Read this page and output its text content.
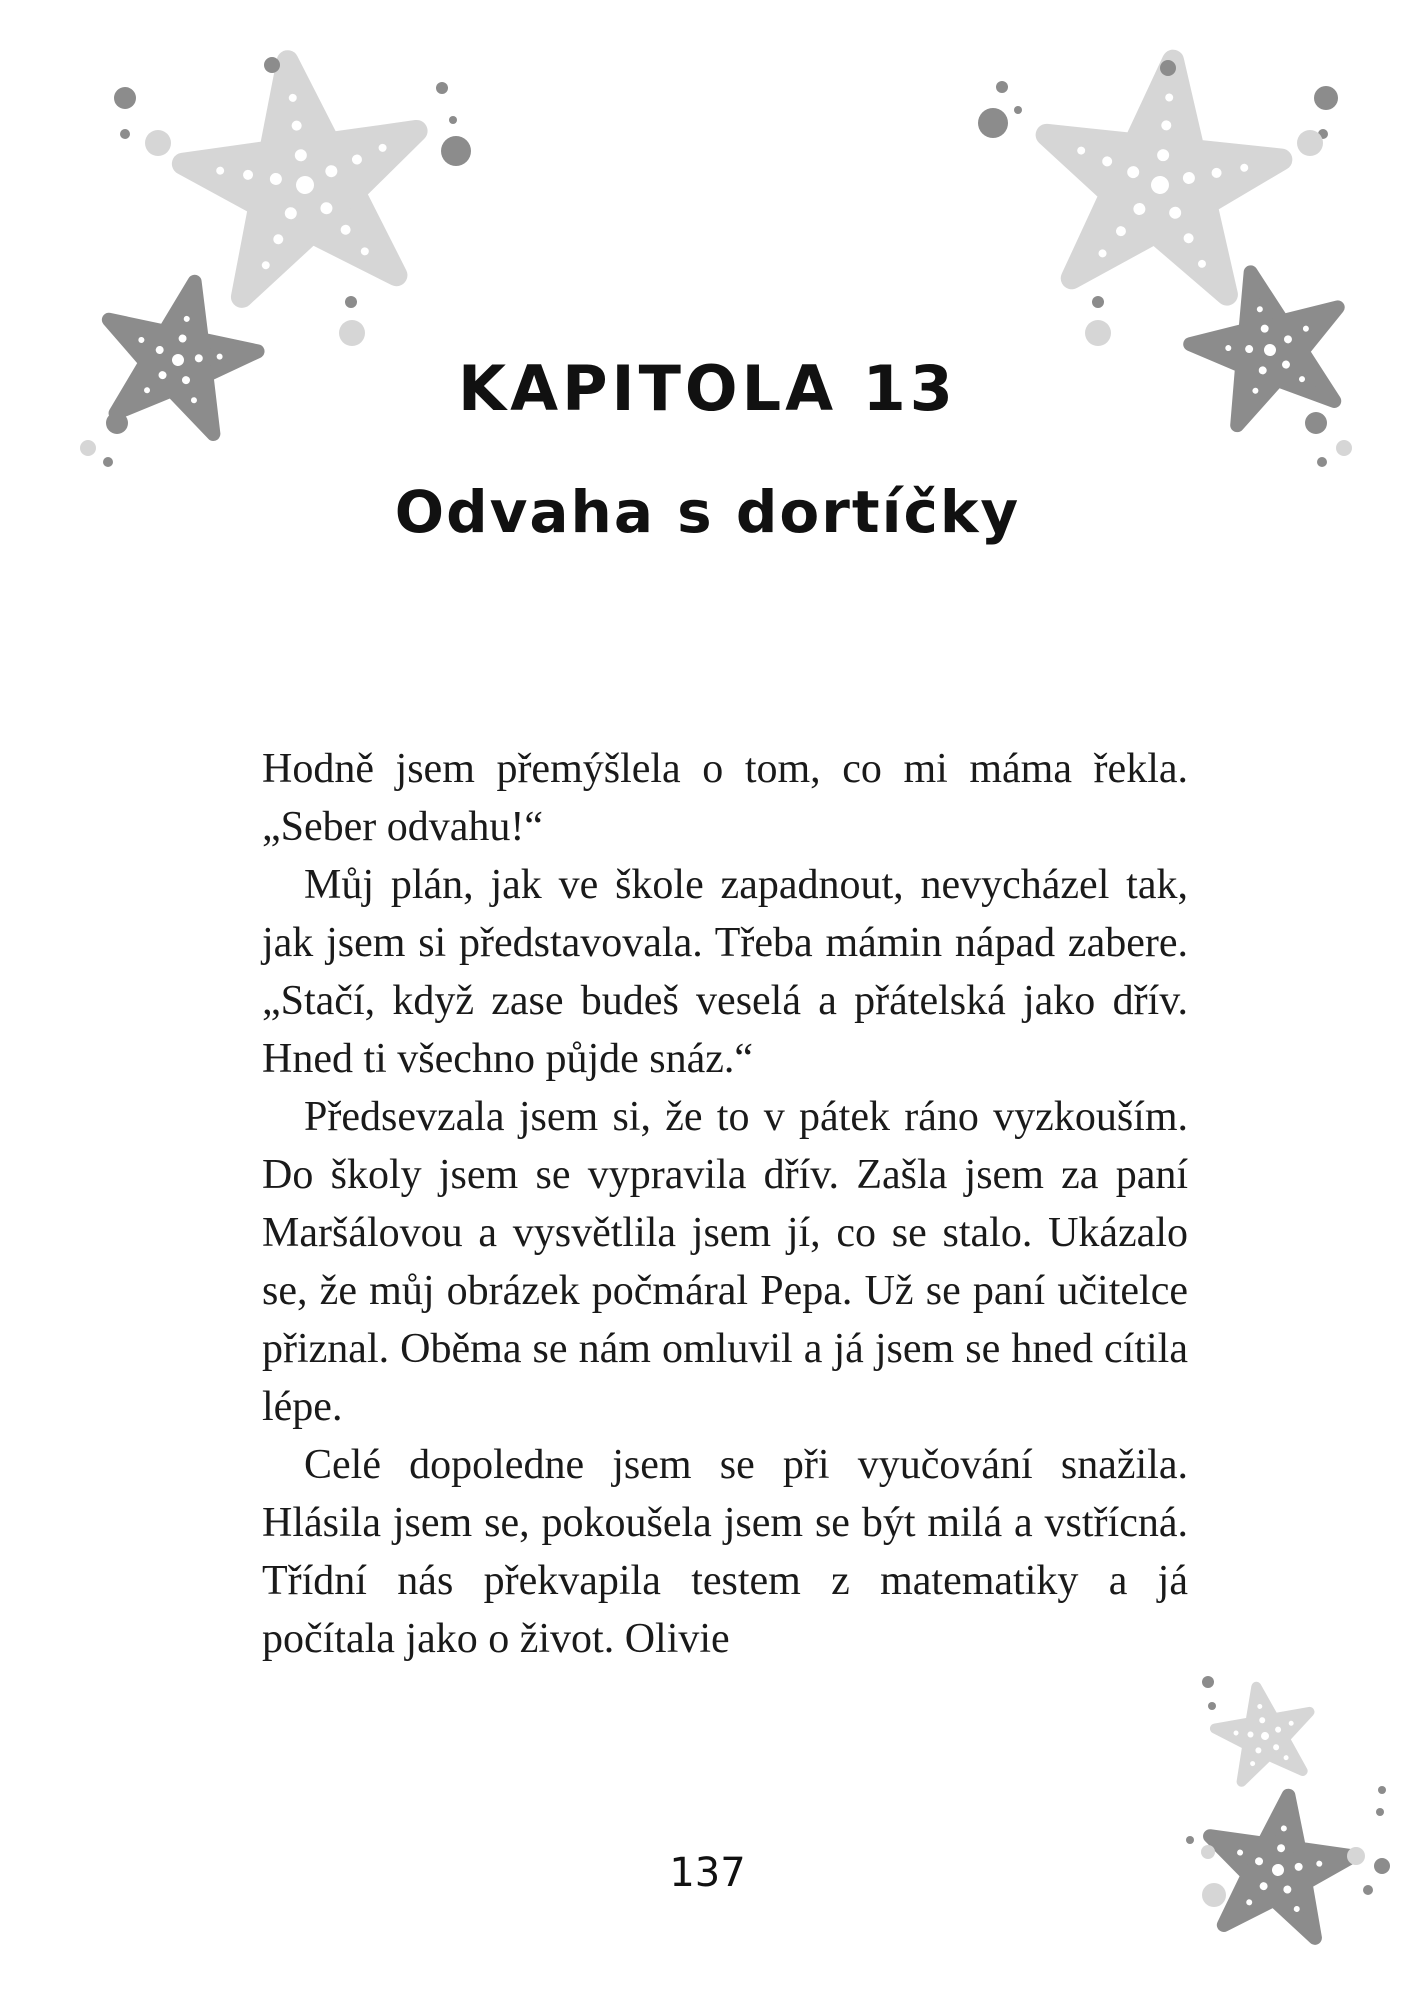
KAPITOLA 13
Odvaha s dortíčky

Hodně jsem přemýšlela o tom, co mi máma řekla. „Seber odvahu!“

Můj plán, jak ve škole zapadnout, nevycházel tak, jak jsem si představovala. Třeba mámin nápad zabere. „Stačí, když zase budeš veselá a přátelská jako dřív. Hned ti všechno půjde snáz.“

Předsevzala jsem si, že to v pátek ráno vyzkouším. Do školy jsem se vypravila dřív. Zašla jsem za paní Maršálovou a vysvětlila jsem jí, co se stalo. Ukázalo se, že můj obrázek počmáral Pepa. Už se paní učitelce přiznal. Oběma se nám omluvil a já jsem se hned cítila lépe.

Celé dopoledne jsem se při vyučování snažila. Hlásila jsem se, pokoušela jsem se být milá a vstřícná. Třídní nás překvapila testem z matematiky a já počítala jako o život. Olivie

137
